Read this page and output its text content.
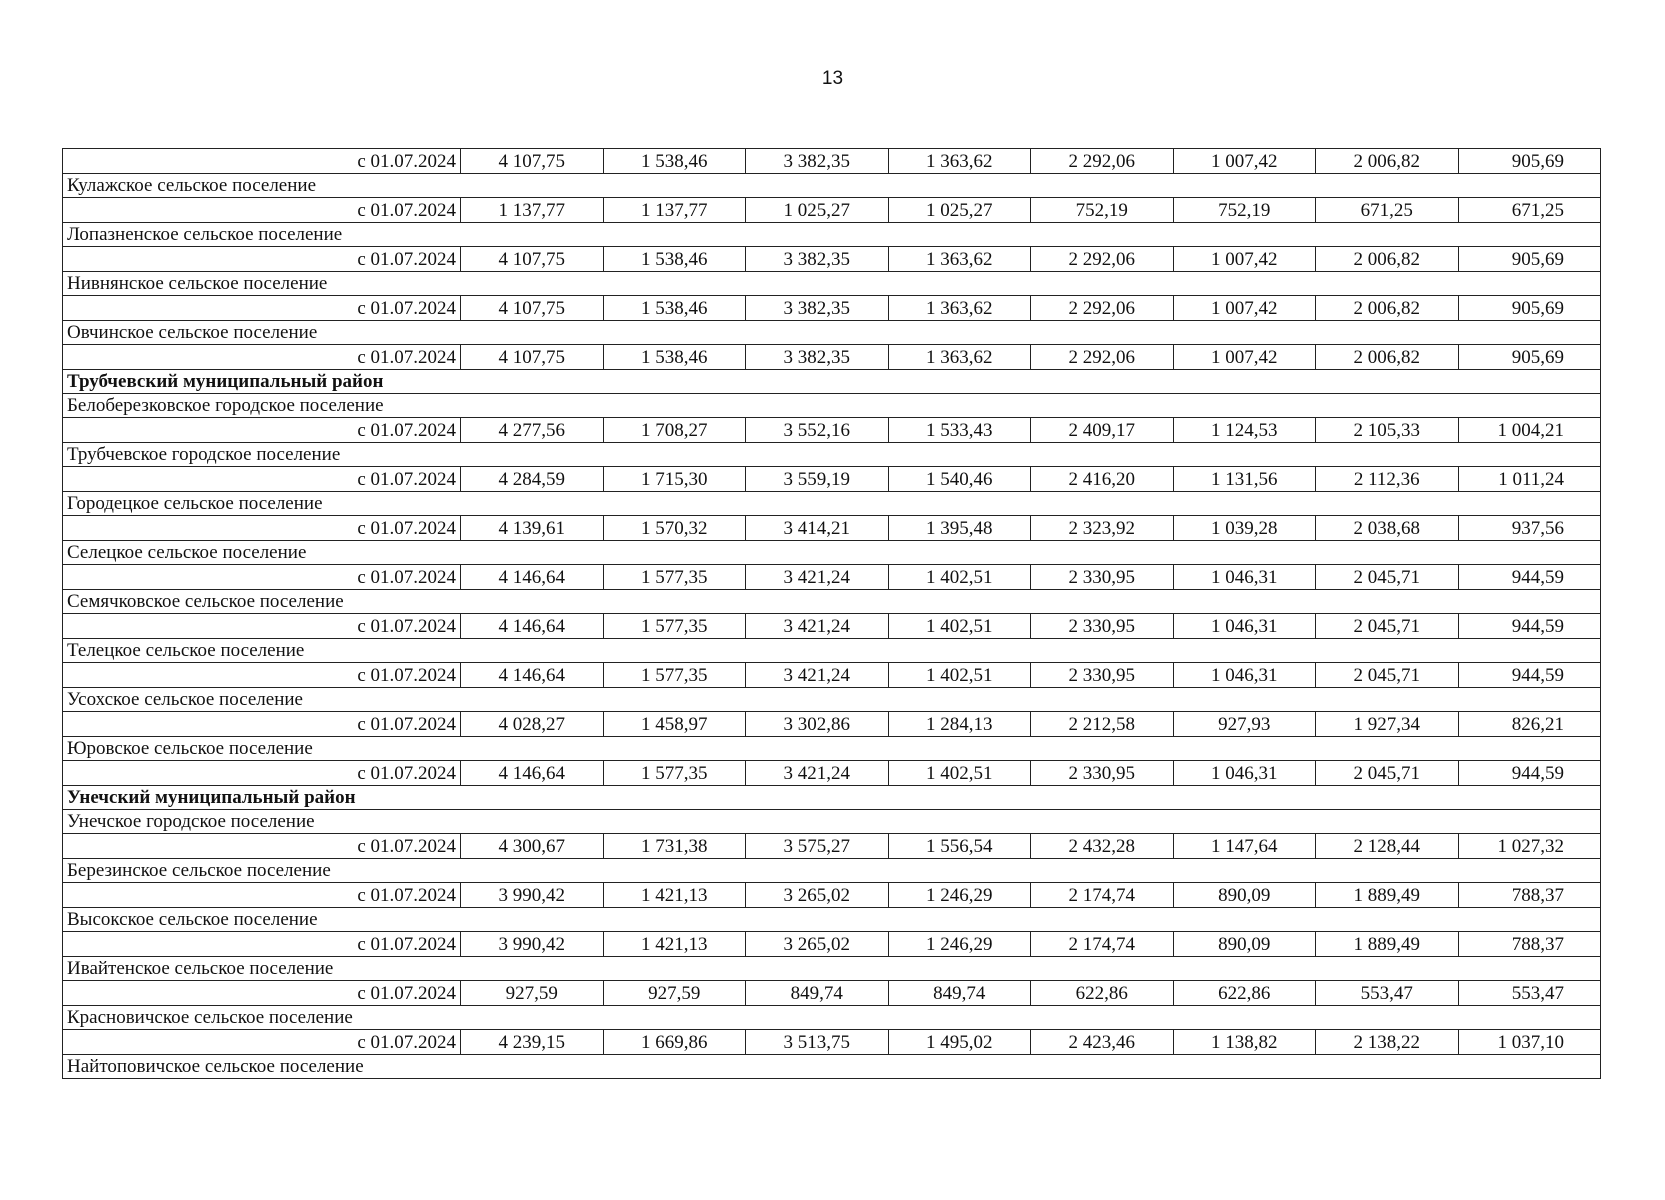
13
с 01.07.2024	4 107,75	1 538,46	3 382,35	1 363,62	2 292,06	1 007,42	2 006,82	905,69
Кулажское сельское поселение								
с 01.07.2024	1 137,77	1 137,77	1 025,27	1 025,27	752,19	752,19	671,25	671,25
Лопазненское сельское поселение								
с 01.07.2024	4 107,75	1 538,46	3 382,35	1 363,62	2 292,06	1 007,42	2 006,82	905,69
Нивнянское сельское поселение								
с 01.07.2024	4 107,75	1 538,46	3 382,35	1 363,62	2 292,06	1 007,42	2 006,82	905,69
Овчинское сельское поселение								
с 01.07.2024	4 107,75	1 538,46	3 382,35	1 363,62	2 292,06	1 007,42	2 006,82	905,69
Трубчевский муниципальный район								
Белоберезковское городское поселение								
с 01.07.2024	4 277,56	1 708,27	3 552,16	1 533,43	2 409,17	1 124,53	2 105,33	1 004,21
Трубчевское городское поселение								
с 01.07.2024	4 284,59	1 715,30	3 559,19	1 540,46	2 416,20	1 131,56	2 112,36	1 011,24
Городецкое сельское поселение								
с 01.07.2024	4 139,61	1 570,32	3 414,21	1 395,48	2 323,92	1 039,28	2 038,68	937,56
Селецкое сельское поселение								
с 01.07.2024	4 146,64	1 577,35	3 421,24	1 402,51	2 330,95	1 046,31	2 045,71	944,59
Семячковское сельское поселение								
с 01.07.2024	4 146,64	1 577,35	3 421,24	1 402,51	2 330,95	1 046,31	2 045,71	944,59
Телецкое сельское поселение								
с 01.07.2024	4 146,64	1 577,35	3 421,24	1 402,51	2 330,95	1 046,31	2 045,71	944,59
Усохское сельское поселение								
с 01.07.2024	4 028,27	1 458,97	3 302,86	1 284,13	2 212,58	927,93	1 927,34	826,21
Юровское сельское поселение								
с 01.07.2024	4 146,64	1 577,35	3 421,24	1 402,51	2 330,95	1 046,31	2 045,71	944,59
Унечский муниципальный район								
Унечское городское поселение								
с 01.07.2024	4 300,67	1 731,38	3 575,27	1 556,54	2 432,28	1 147,64	2 128,44	1 027,32
Березинское сельское поселение								
с 01.07.2024	3 990,42	1 421,13	3 265,02	1 246,29	2 174,74	890,09	1 889,49	788,37
Высокское сельское поселение								
с 01.07.2024	3 990,42	1 421,13	3 265,02	1 246,29	2 174,74	890,09	1 889,49	788,37
Ивайтенское сельское поселение								
с 01.07.2024	927,59	927,59	849,74	849,74	622,86	622,86	553,47	553,47
Красновичское сельское поселение								
с 01.07.2024	4 239,15	1 669,86	3 513,75	1 495,02	2 423,46	1 138,82	2 138,22	1 037,10
Найтоповичское сельское поселение								
